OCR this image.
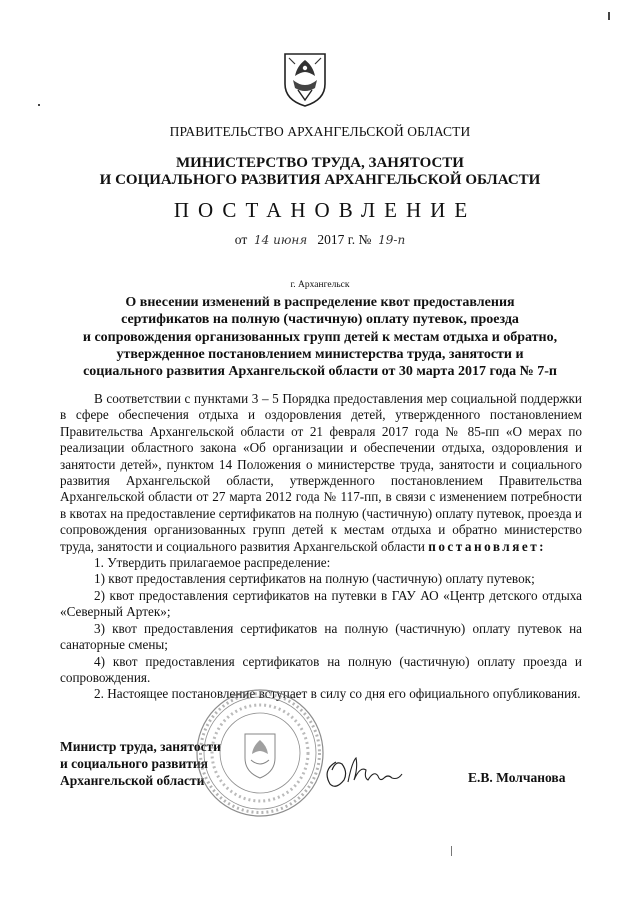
ПРАВИТЕЛЬСТВО АРХАНГЕЛЬСКОЙ ОБЛАСТИ
МИНИСТЕРСТВО ТРУДА, ЗАНЯТОСТИ
И СОЦИАЛЬНОГО РАЗВИТИЯ АРХАНГЕЛЬСКОЙ ОБЛАСТИ
ПОСТАНОВЛЕНИЕ
от 14 июня 2017 г. № 19-п
г. Архангельск
О внесении изменений в распределение квот предоставления
сертификатов на полную (частичную) оплату путевок, проезда
и сопровождения организованных групп детей к местам отдыха и обратно,
утвержденное постановлением министерства труда, занятости и
социального развития Архангельской области от 30 марта 2017 года № 7-п

В соответствии с пунктами 3 – 5 Порядка предоставления мер социальной поддержки в сфере обеспечения отдыха и оздоровления детей, утвержденного постановлением Правительства Архангельской области от 21 февраля 2017 года № 85-пп «О мерах по реализации областного закона «Об организации и обеспечении отдыха, оздоровления и занятости детей», пунктом 14 Положения о министерстве труда, занятости и социального развития Архангельской области, утвержденного постановлением Правительства Архангельской области от 27 марта 2012 года № 117-пп, в связи с изменением потребности в квотах на предоставление сертификатов на полную (частичную) оплату путевок, проезда и сопровождения организованных групп детей к местам отдыха и обратно министерство труда, занятости и социального развития Архангельской области постановляет:

1. Утвердить прилагаемое распределение:

1) квот предоставления сертификатов на полную (частичную) оплату путевок;

2) квот предоставления сертификатов на путевки в ГАУ АО «Центр детского отдыха «Северный Артек»;

3) квот предоставления сертификатов на полную (частичную) оплату путевок на санаторные смены;

4) квот предоставления сертификатов на полную (частичную) оплату проезда и сопровождения.

2. Настоящее постановление вступает в силу со дня его официального опубликования.

Министр труда, занятости
и социального развития
Архангельской области	Е.В. Молчанова
